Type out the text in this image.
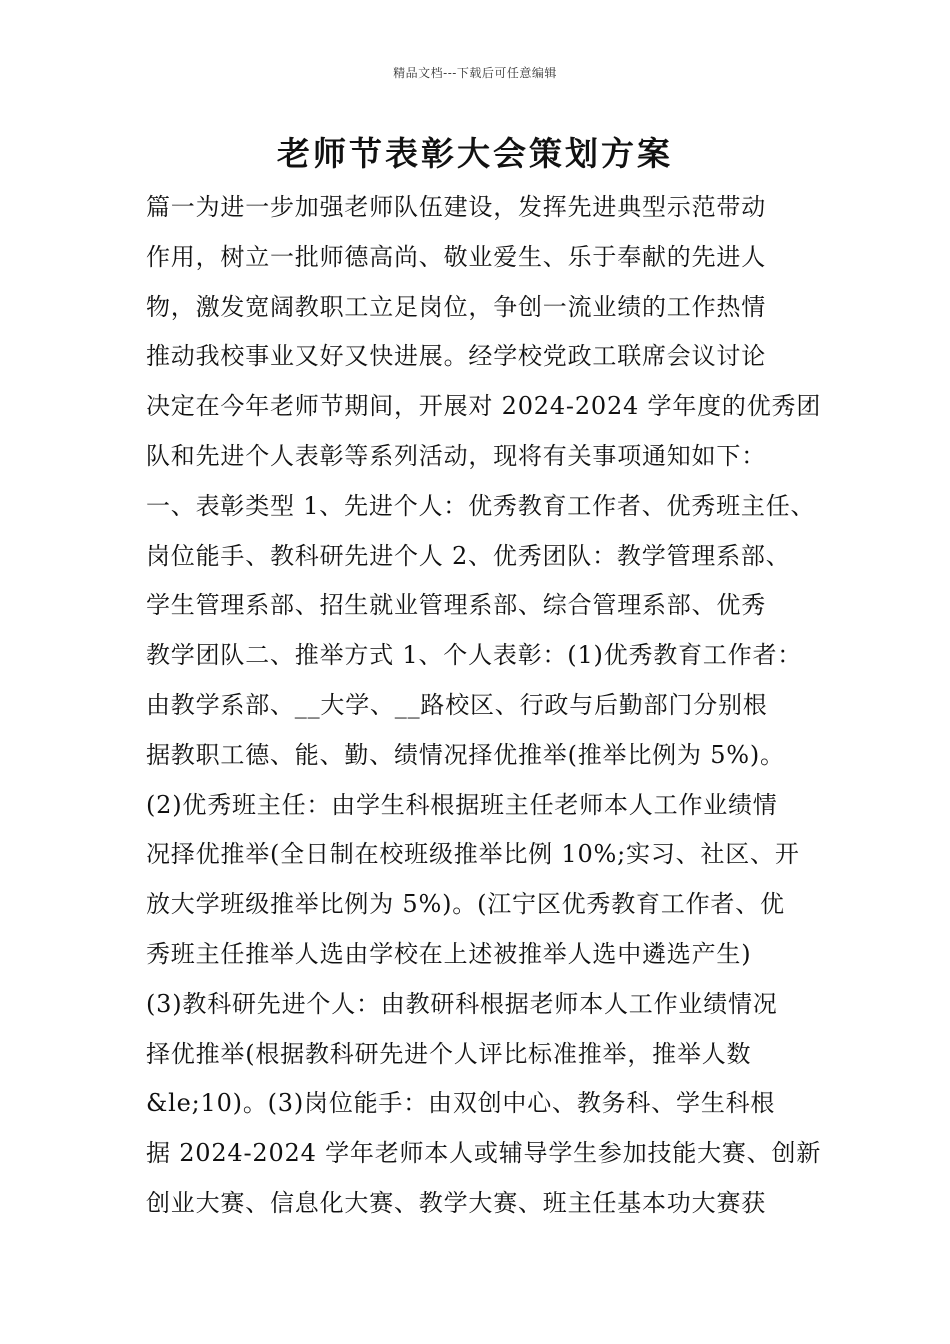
精品文档---下载后可任意编辑
老师节表彰大会策划方案
篇一为进一步加强老师队伍建设，发挥先进典型示范带动
作用，树立一批师德高尚、敬业爱生、乐于奉献的先进人
物，激发宽阔教职工立足岗位，争创一流业绩的工作热情
推动我校事业又好又快进展。经学校党政工联席会议讨论
决定在今年老师节期间，开展对 2024-2024 学年度的优秀团
队和先进个人表彰等系列活动，现将有关事项通知如下：
一、表彰类型 1、先进个人：优秀教育工作者、优秀班主任、
岗位能手、教科研先进个人 2、优秀团队：教学管理系部、
学生管理系部、招生就业管理系部、综合管理系部、优秀
教学团队二、推举方式 1、个人表彰：(1)优秀教育工作者：
由教学系部、__大学、__路校区、行政与后勤部门分别根
据教职工德、能、勤、绩情况择优推举(推举比例为 5%)。
(2)优秀班主任：由学生科根据班主任老师本人工作业绩情
况择优推举(全日制在校班级推举比例 10%;实习、社区、开
放大学班级推举比例为 5%)。(江宁区优秀教育工作者、优
秀班主任推举人选由学校在上述被推举人选中遴选产生)
(3)教科研先进个人：由教研科根据老师本人工作业绩情况
择优推举(根据教科研先进个人评比标准推举，推举人数
&le;10)。(3)岗位能手：由双创中心、教务科、学生科根
据 2024-2024 学年老师本人或辅导学生参加技能大赛、创新
创业大赛、信息化大赛、教学大赛、班主任基本功大赛获
